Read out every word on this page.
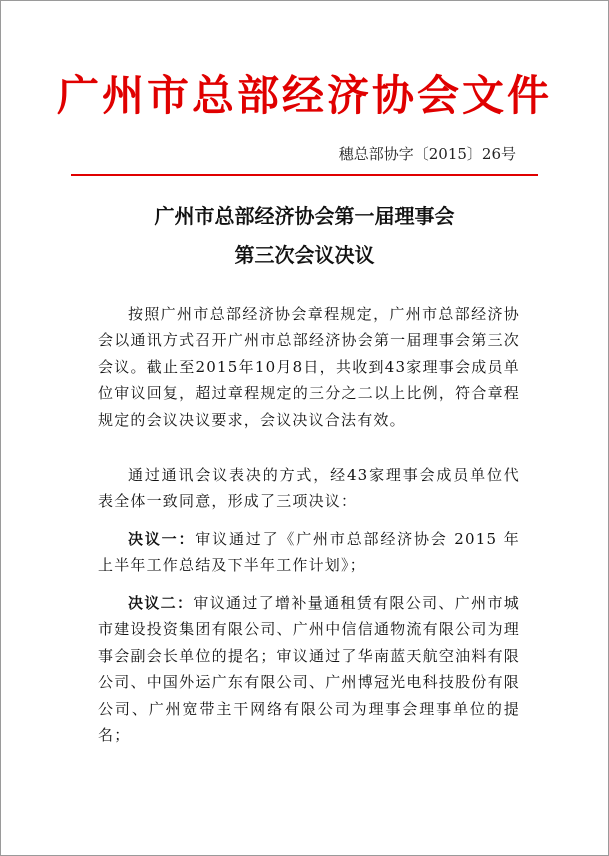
广州市总部经济协会文件
穗总部协字〔2015〕26号
广州市总部经济协会第一届理事会
第三次会议决议

按照广州市总部经济协会章程规定，广州市总部经济协会以通讯方式召开广州市总部经济协会第一届理事会第三次会议。截止至2015年10月8日，共收到43家理事会成员单位审议回复，超过章程规定的三分之二以上比例，符合章程规定的会议决议要求，会议决议合法有效。

通过通讯会议表决的方式，经43家理事会成员单位代表全体一致同意，形成了三项决议：

决议一：审议通过了《广州市总部经济协会 2015 年上半年工作总结及下半年工作计划》；

决议二：审议通过了增补量通租赁有限公司、广州市城市建设投资集团有限公司、广州中信信通物流有限公司为理事会副会长单位的提名；审议通过了华南蓝天航空油料有限公司、中国外运广东有限公司、广州博冠光电科技股份有限公司、广州宽带主干网络有限公司为理事会理事单位的提名；
